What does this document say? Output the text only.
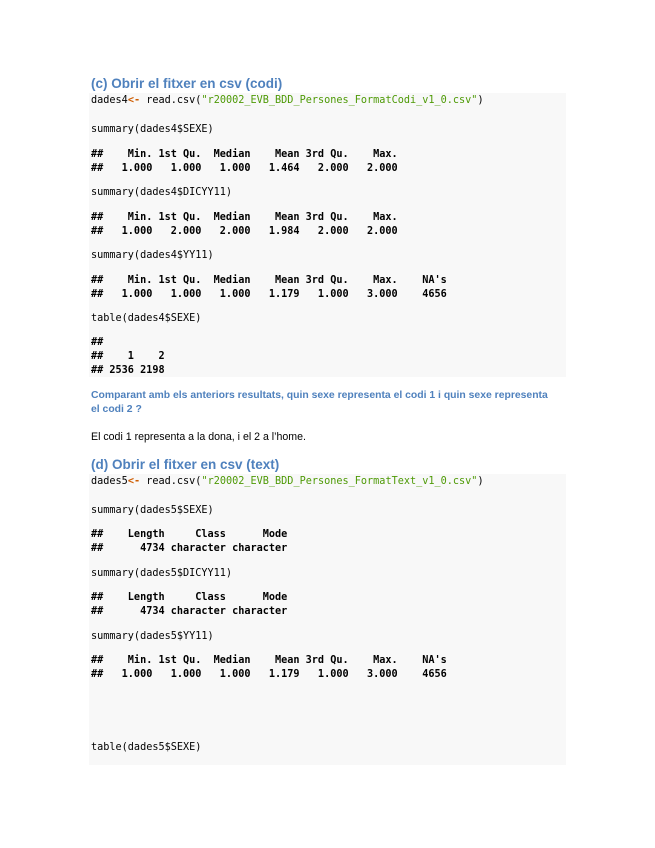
(c) Obrir el fitxer en csv (codi)
dades4<- read.csv("r20002_EVB_BDD_Persones_FormatCodi_v1_0.csv")
summary(dades4$SEXE)
##    Min. 1st Qu.  Median    Mean 3rd Qu.    Max.
##   1.000   1.000   1.000   1.464   2.000   2.000
summary(dades4$DICYY11)
##    Min. 1st Qu.  Median    Mean 3rd Qu.    Max.
##   1.000   2.000   2.000   1.984   2.000   2.000
summary(dades4$YY11)
##    Min. 1st Qu.  Median    Mean 3rd Qu.    Max.    NA's
##   1.000   1.000   1.000   1.179   1.000   3.000    4656
table(dades4$SEXE)
##
##    1    2
## 2536 2198

Comparant amb els anteriors resultats, quin sexe representa el codi 1 i quin sexe representa el codi 2 ?

El codi 1 representa a la dona, i el 2 a l’home.

(d) Obrir el fitxer en csv (text)
dades5<- read.csv("r20002_EVB_BDD_Persones_FormatText_v1_0.csv")
summary(dades5$SEXE)
##    Length     Class      Mode
##      4734 character character
summary(dades5$DICYY11)
##    Length     Class      Mode
##      4734 character character
summary(dades5$YY11)
##    Min. 1st Qu.  Median    Mean 3rd Qu.    Max.    NA's
##   1.000   1.000   1.000   1.179   1.000   3.000    4656
table(dades5$SEXE)
